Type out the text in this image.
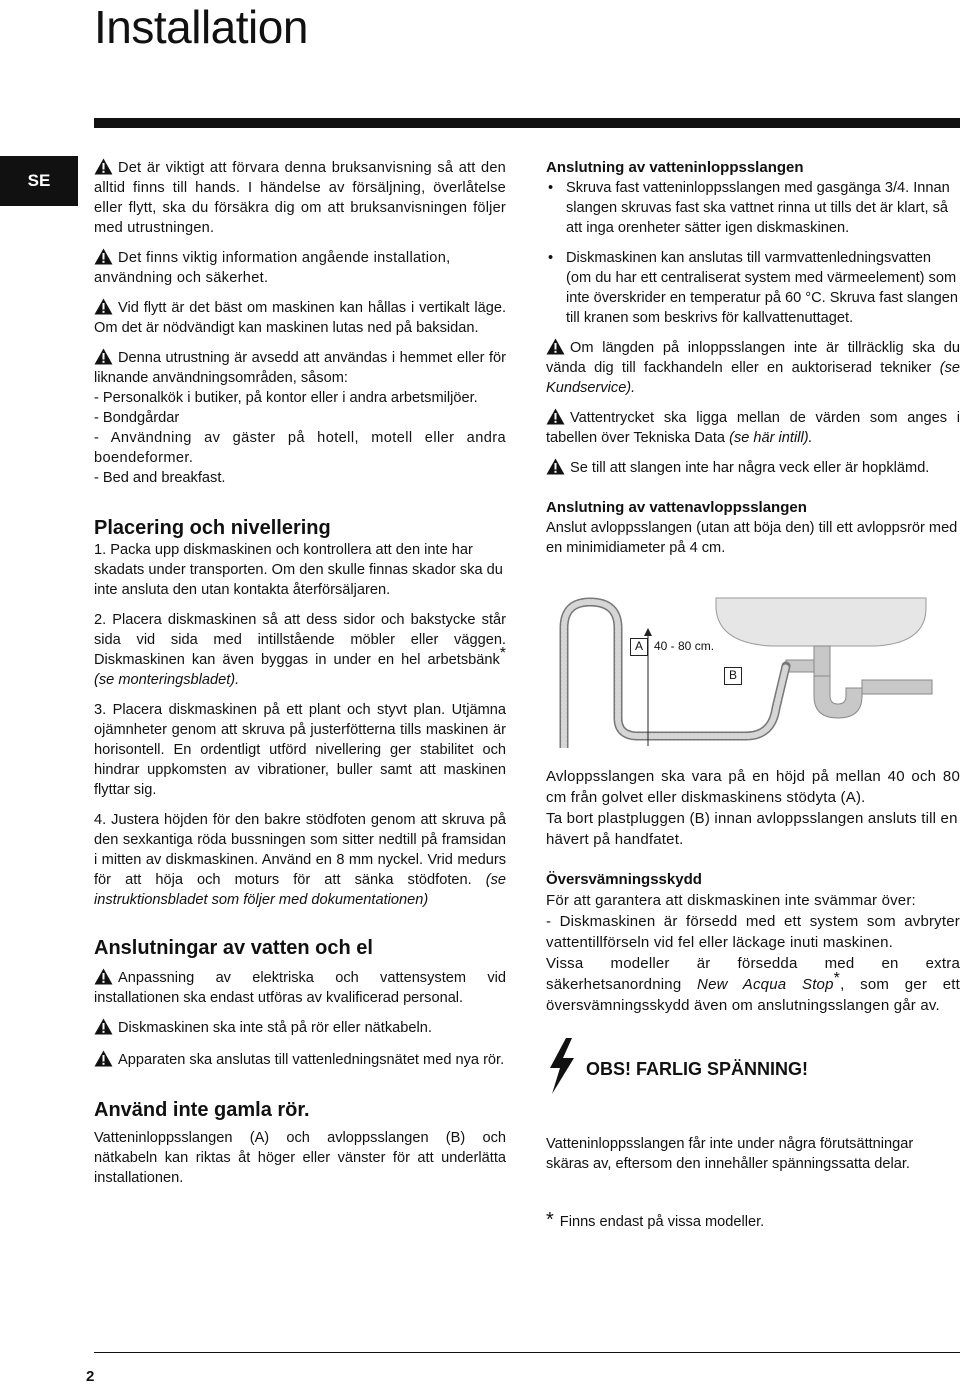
Installation
SE

Det är viktigt att förvara denna bruksanvisning så att den alltid finns till hands. I händelse av försäljning, överlåtelse eller flytt, ska du försäkra dig om att bruksanvisningen följer med utrustningen.

Det finns viktig information angående installation, användning och säkerhet.

Vid flytt är det bäst om maskinen kan hållas i vertikalt läge. Om det är nödvändigt kan maskinen lutas ned på baksidan.

Denna utrustning är avsedd att användas i hemmet eller för liknande användningsområden, såsom:

- Personalkök i butiker, på kontor eller i andra arbetsmiljöer.

- Bondgårdar

- Användning av gäster på hotell, motell eller andra boendeformer.

- Bed and breakfast.

Placering och nivellering

1. Packa upp diskmaskinen och kontrollera att den inte har skadats under transporten. Om den skulle finnas skador ska du inte ansluta den utan kontakta återförsäljaren.

2. Placera diskmaskinen så att dess sidor och bakstycke står sida vid sida med intillstående möbler eller väggen. Diskmaskinen kan även byggas in under en hel arbetsbänk* (se monteringsbladet).

3. Placera diskmaskinen på ett plant och styvt plan. Utjämna ojämnheter genom att skruva på justerfötterna tills maskinen är horisontell. En ordentligt utförd nivellering ger stabilitet och hindrar uppkomsten av vibrationer, buller samt att maskinen flyttar sig.

4. Justera höjden för den bakre stödfoten genom att skruva på den sexkantiga röda bussningen som sitter nedtill på framsidan i mitten av diskmaskinen. Använd en 8 mm nyckel. Vrid medurs för att höja och moturs för att sänka stödfoten. (se instruktionsbladet som följer med dokumentationen)

Anslutningar av vatten och el

Anpassning av elektriska och vattensystem vid installationen ska endast utföras av kvalificerad personal.

Diskmaskinen ska inte stå på rör eller nätkabeln.

Apparaten ska anslutas till vattenledningsnätet med nya rör.

Använd inte gamla rör.

Vatteninloppsslangen (A) och avloppsslangen (B) och nätkabeln kan riktas åt höger eller vänster för att underlätta installationen.

Anslutning av vatteninloppsslangen
• Skruva fast vatteninloppsslangen med gasgänga 3/4. Innan slangen skruvas fast ska vattnet rinna ut tills det är klart, så att inga orenheter sätter igen diskmaskinen.
• Diskmaskinen kan anslutas till varmvattenledningsvatten (om du har ett centraliserat system med värmeelement) som inte överskrider en temperatur på 60 °C. Skruva fast slangen till kranen som beskrivs för kallvattenuttaget.

Om längden på inloppsslangen inte är tillräcklig ska du vända dig till fackhandeln eller en auktoriserad tekniker (se Kundservice).

Vattentrycket ska ligga mellan de värden som anges i tabellen över Tekniska Data (se här intill).

Se till att slangen inte har några veck eller är hopklämd.

Anslutning av vattenavloppsslangen

Anslut avloppsslangen (utan att böja den) till ett avloppsrör med en minimidiameter på 4 cm.

A 40 - 80 cm.
B

Avloppsslangen ska vara på en höjd på mellan 40 och 80 cm från golvet eller diskmaskinens stödyta (A).

Ta bort plastpluggen (B) innan avloppsslangen ansluts till en hävert på handfatet.

Översvämningsskydd

För att garantera att diskmaskinen inte svämmar över:

- Diskmaskinen är försedd med ett system som avbryter vattentillförseln vid fel eller läckage inuti maskinen.

Vissa modeller är försedda med en extra säkerhetsanordning New Acqua Stop*, som ger ett översvämningsskydd även om anslutningsslangen går av.

OBS! FARLIG SPÄNNING!

Vatteninloppsslangen får inte under några förutsättningar skäras av, eftersom den innehåller spänningssatta delar.

* Finns endast på vissa modeller.

2
